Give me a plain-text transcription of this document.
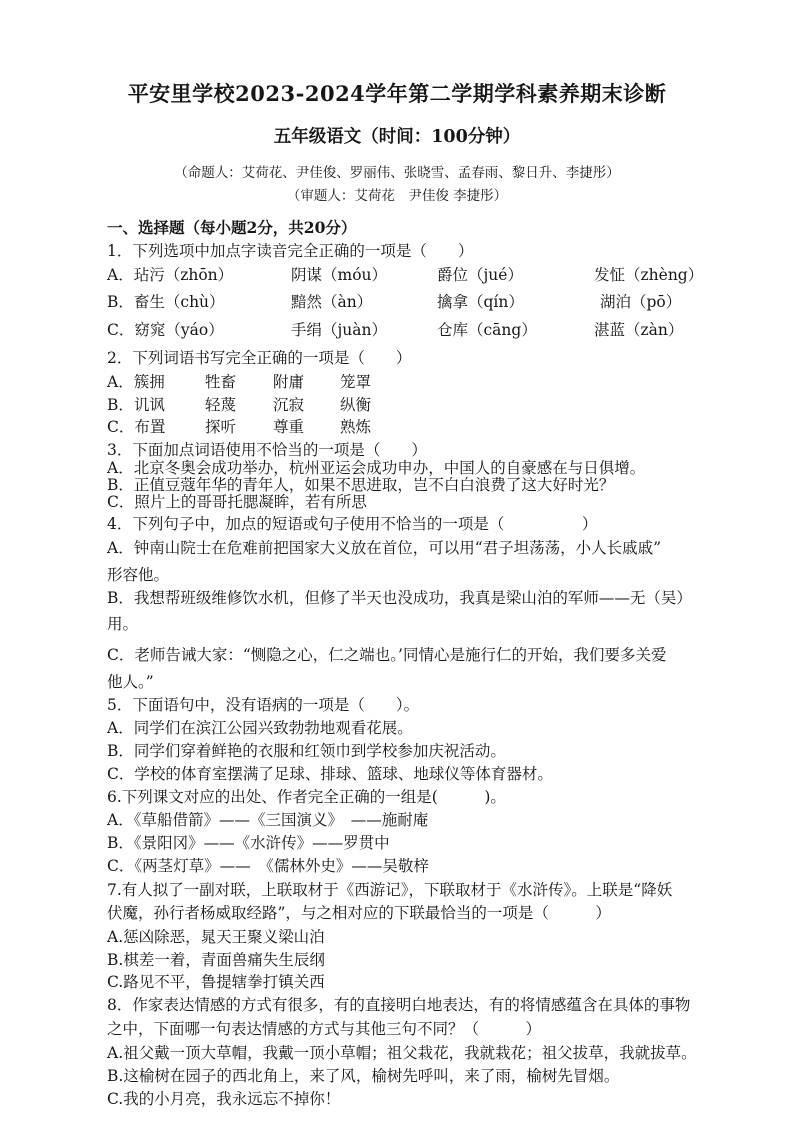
平安里学校2023-2024学年第二学期学科素养期末诊断
五年级语文（时间：100分钟）
（命题人：艾荷花、尹佳俊、罗丽伟、张晓雪、孟春雨、黎日升、李捷彤）
（审题人：艾荷花　尹佳俊 李捷彤）
一、选择题（每小题2分，共20分）
1．下列选项中加点字读音完全正确的一项是（　　）
A．玷污（zhōn）	阴谋（móu）	爵位（jué）	发怔（zhèng）
B．畜生（chù）	黯然（àn）	擒拿（qín）	湖泊（pō）
C．窈窕（yáo）	手绢（juàn）	仓库（cāng）	湛蓝（zàn）
2．下列词语书写完全正确的一项是（　　）
A．簇拥	牲畜 附庸 笼罩
B．讥讽	轻蔑 沉寂 纵衡
C．布置	探听 尊重 熟炼
3．下面加点词语使用不恰当的一项是（　　）
A．北京冬奥会成功举办，杭州亚运会成功申办，中国人的自豪感在与日俱增。
B．正值豆蔻年华的青年人，如果不思进取，岂不白白浪费了这大好时光？
C．照片上的哥哥托腮凝眸，若有所思
4．下列句子中，加点的短语或句子使用不恰当的一项是（　　　　　）
A．钟南山院士在危难前把国家大义放在首位，可以用“君子坦荡荡，小人长戚戚”
形容他。
B．我想帮班级维修饮水机，但修了半天也没成功，我真是梁山泊的军师——无（吴）
用。
C．老师告诫大家：“恻隐之心，仁之端也。’同情心是施行仁的开始，我们要多关爱
他人。”
5．下面语句中，没有语病的一项是（　　）。
A．同学们在滨江公园兴致勃勃地观看花展。
B．同学们穿着鲜艳的衣服和红领巾到学校参加庆祝活动。
C．学校的体育室摆满了足球、排球、篮球、地球仪等体育器材。
6.下列课文对应的出处、作者完全正确的一组是(　　　)。
A．《草船借箭》——《三国演义》　——施耐庵
B．《景阳冈》——《水浒传》——罗贯中
C．《两茎灯草》——　《儒林外史》——吴敬梓
7.有人拟了一副对联，上联取材于《西游记》，下联取材于《水浒传》。上联是“降妖
伏魔，孙行者杨威取经路”，与之相对应的下联最恰当的一项是（　　　）
A.惩凶除恶，晁天王聚义梁山泊
B.棋差一着，青面兽痛失生辰纲
C.路见不平，鲁提辖拳打镇关西
8．作家表达情感的方式有很多，有的直接明白地表达，有的将情感蕴含在具体的事物
之中，下面哪一句表达情感的方式与其他三句不同？（　　　）
A.祖父戴一顶大草帽，我戴一顶小草帽；祖父栽花，我就栽花；祖父拔草，我就拔草。
B.这榆树在园子的西北角上，来了风，榆树先呼叫，来了雨，榆树先冒烟。
C.我的小月亮，我永远忘不掉你！
